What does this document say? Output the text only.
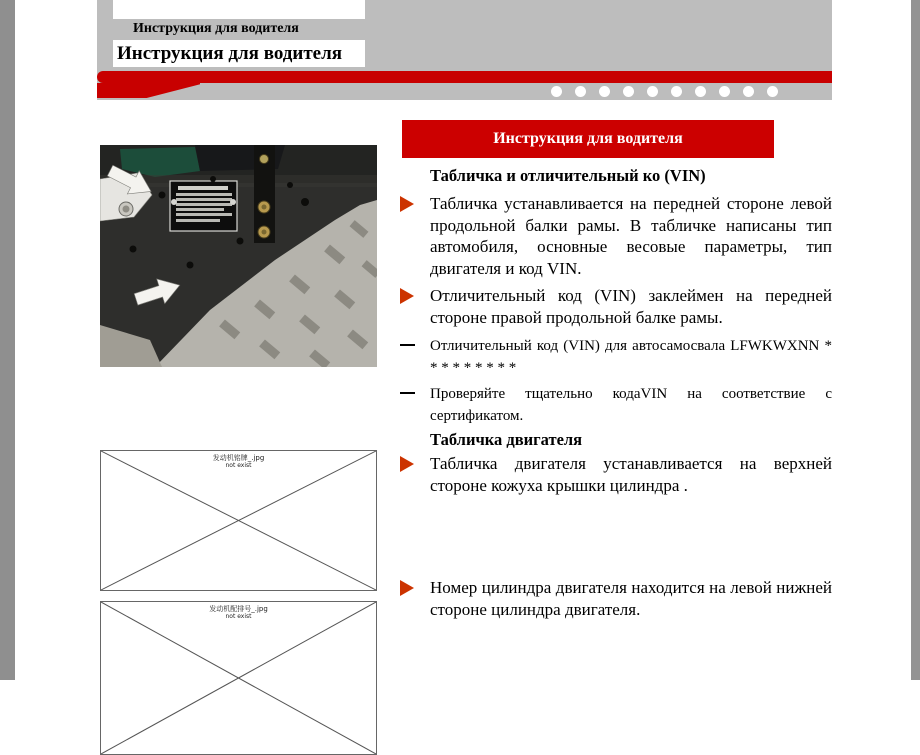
Инструкция для водителя
Инструкция для водителя
发动机铭牌_.jpg
not exist
发动机配排号_.jpg
not exist
Инструкция для водителя
Табличка и отличительный ко (VIN)
Табличка устанавливается на передней стороне левой продольной балки рамы. В табличке написаны тип автомобиля, основные весовые параметры, тип двигателя и код VIN.
Отличительный код (VIN) заклеймен на передней стороне правой продольной балке рамы.
Отличительный код (VIN) для автосамосвала LFWKWXNN * * * * * * * * *
Проверяйте тщательно кодаVIN на соответствие с сертификатом.
Табличка двигателя
Табличка двигателя устанавливается на верхней стороне кожуха крышки цилиндра .
Номер цилиндра двигателя находится на левой нижней стороне цилиндра двигателя.
